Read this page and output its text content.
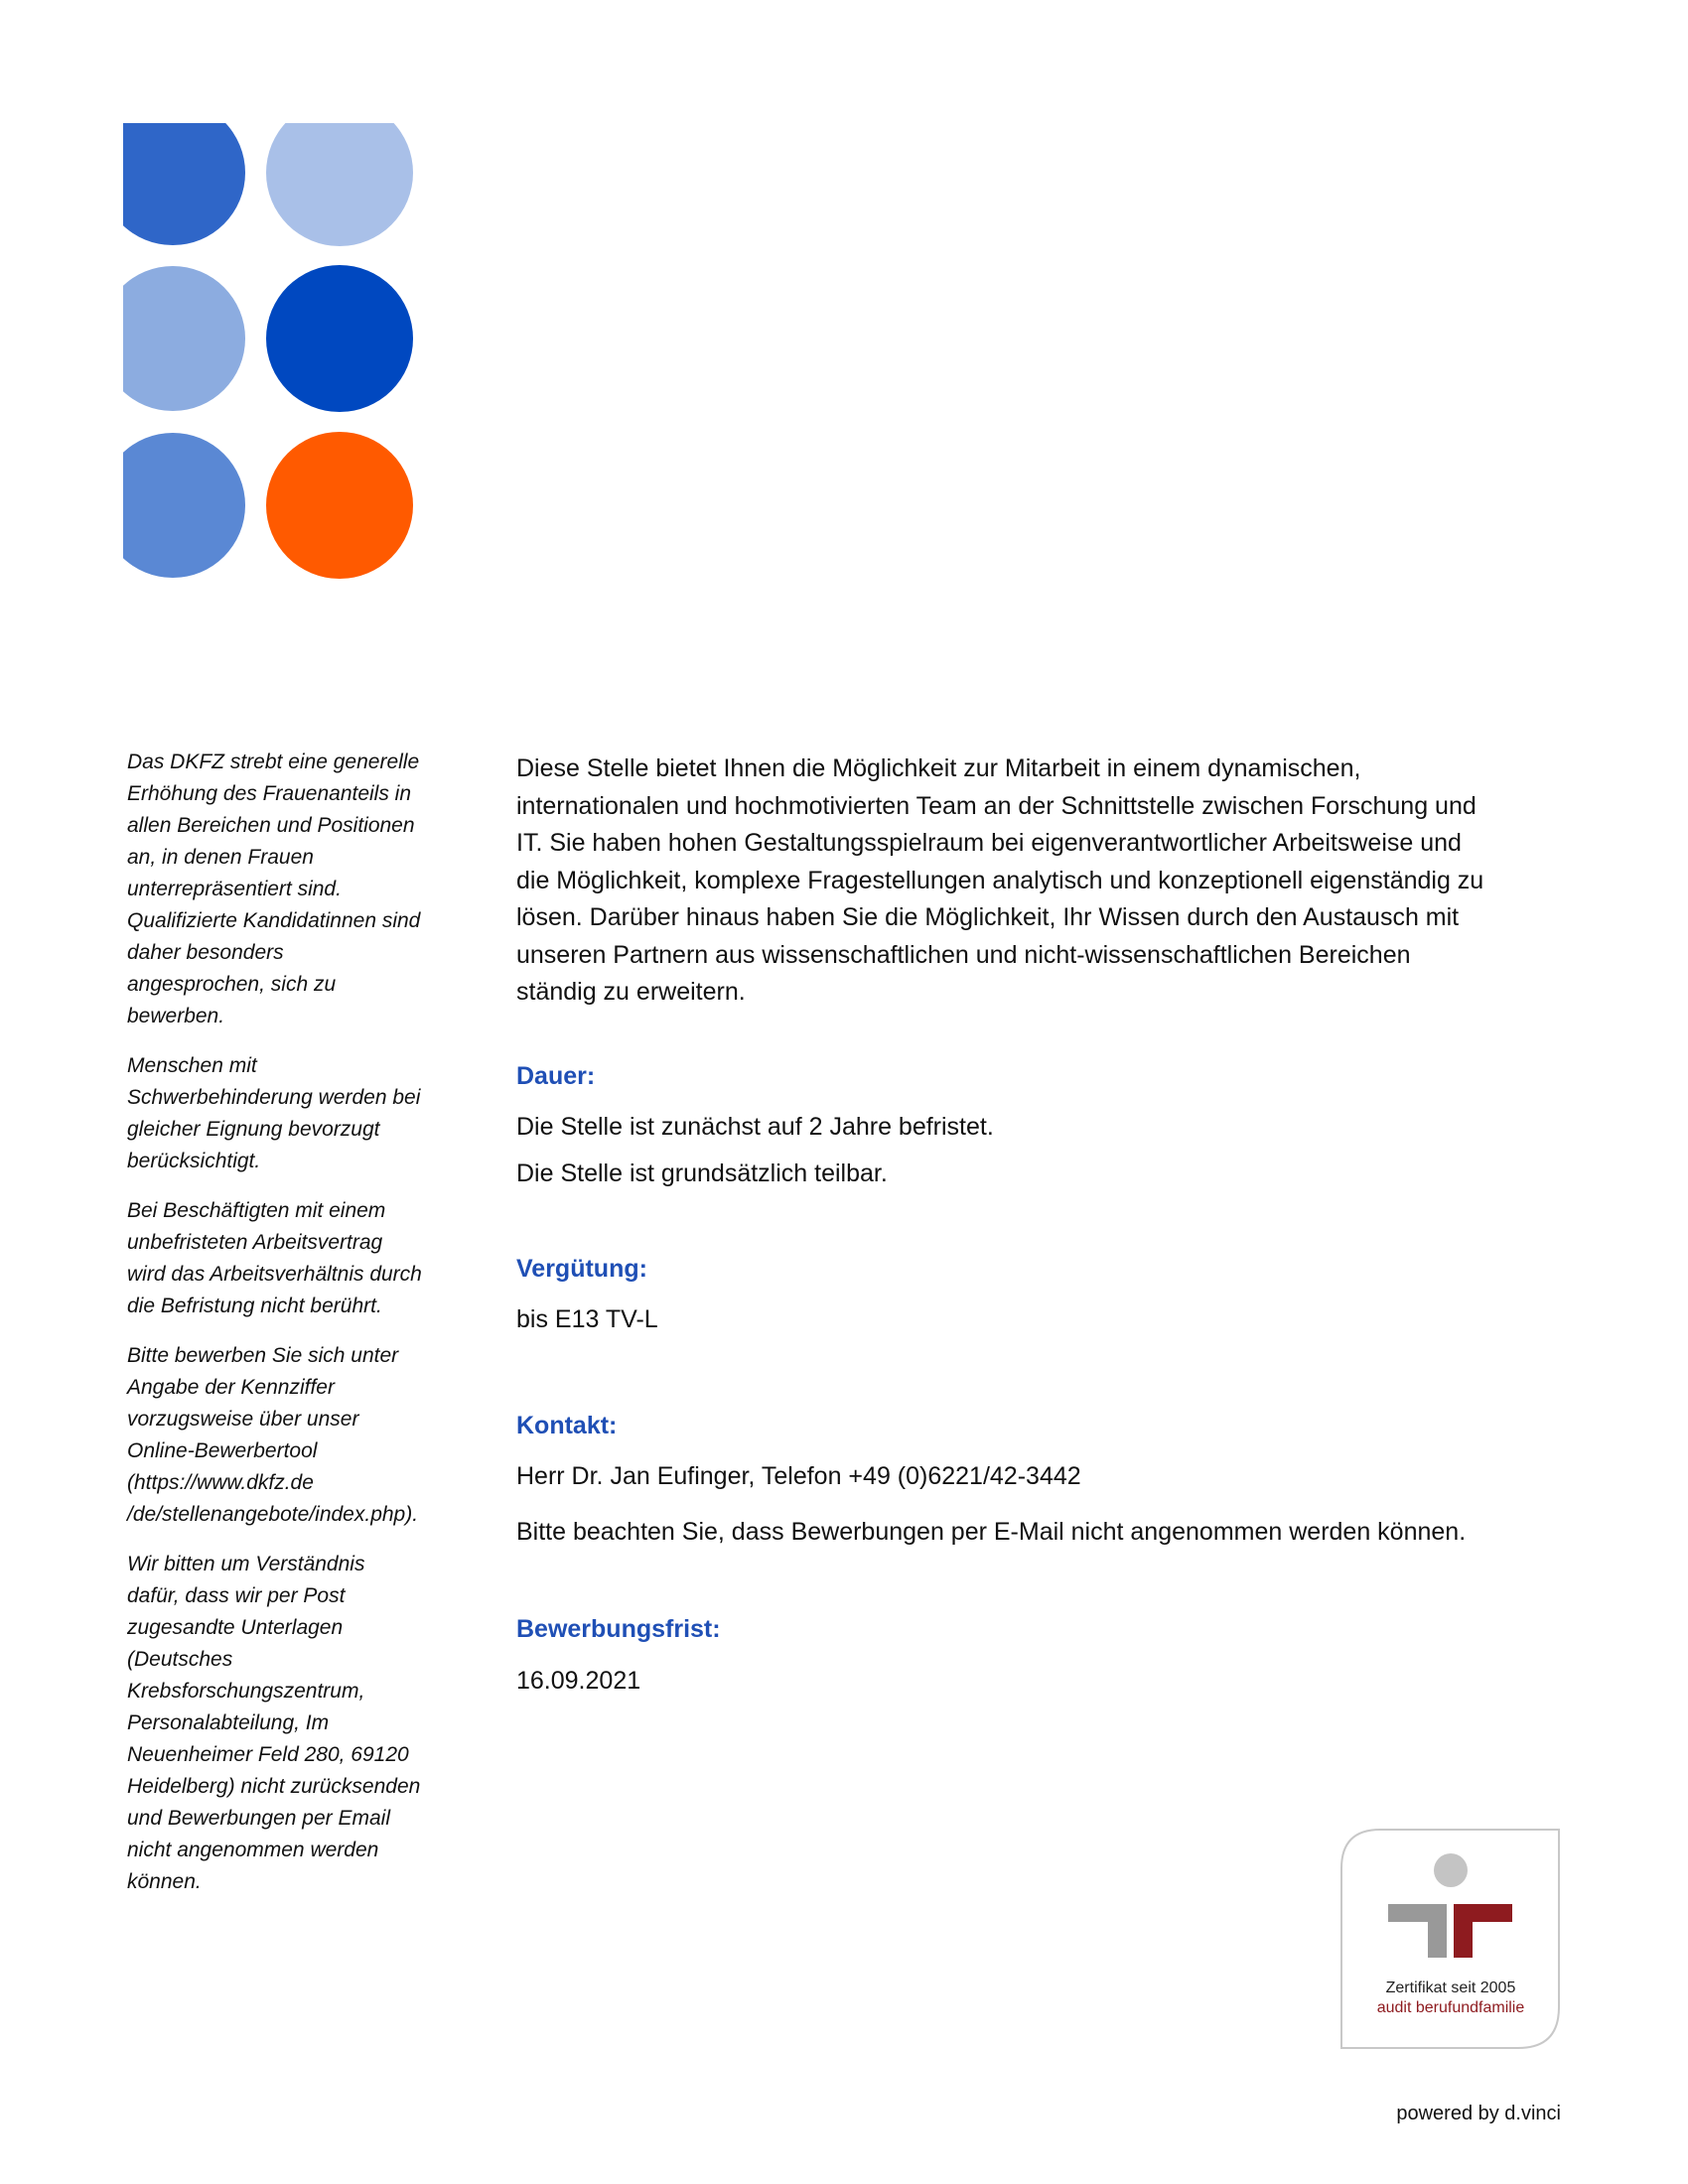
Das DKFZ strebt eine generelle
Erhöhung des Frauenanteils in
allen Bereichen und Positionen
an, in denen Frauen
unterrepräsentiert sind.
Qualifizierte Kandidatinnen sind
daher besonders
angesprochen, sich zu
bewerben.

Menschen mit
Schwerbehinderung werden bei
gleicher Eignung bevorzugt
berücksichtigt.

Bei Beschäftigten mit einem
unbefristeten Arbeitsvertrag
wird das Arbeitsverhältnis durch
die Befristung nicht berührt.

Bitte bewerben Sie sich unter
Angabe der Kennziffer
vorzugsweise über unser
Online-Bewerbertool
(https://www.dkfz.de
/de/stellenangebote/index.php).

Wir bitten um Verständnis
dafür, dass wir per Post
zugesandte Unterlagen
(Deutsches
Krebsforschungszentrum,
Personalabteilung, Im
Neuenheimer Feld 280, 69120
Heidelberg) nicht zurücksenden
und Bewerbungen per Email
nicht angenommen werden
können.

Diese Stelle bietet Ihnen die Möglichkeit zur Mitarbeit in einem dynamischen,
internationalen und hochmotivierten Team an der Schnittstelle zwischen Forschung und
IT. Sie haben hohen Gestaltungsspielraum bei eigenverantwortlicher Arbeitsweise und
die Möglichkeit, komplexe Fragestellungen analytisch und konzeptionell eigenständig zu
lösen. Darüber hinaus haben Sie die Möglichkeit, Ihr Wissen durch den Austausch mit
unseren Partnern aus wissenschaftlichen und nicht-wissenschaftlichen Bereichen
ständig zu erweitern.

Dauer:

Die Stelle ist zunächst auf 2 Jahre befristet.

Die Stelle ist grundsätzlich teilbar.

Vergütung:

bis E13 TV-L

Kontakt:

Herr Dr. Jan Eufinger, Telefon +49 (0)6221/42-3442

Bitte beachten Sie, dass Bewerbungen per E-Mail nicht angenommen werden können.

Bewerbungsfrist:

16.09.2021

Zertifikat seit 2005
audit berufundfamilie
powered by d.vinci
